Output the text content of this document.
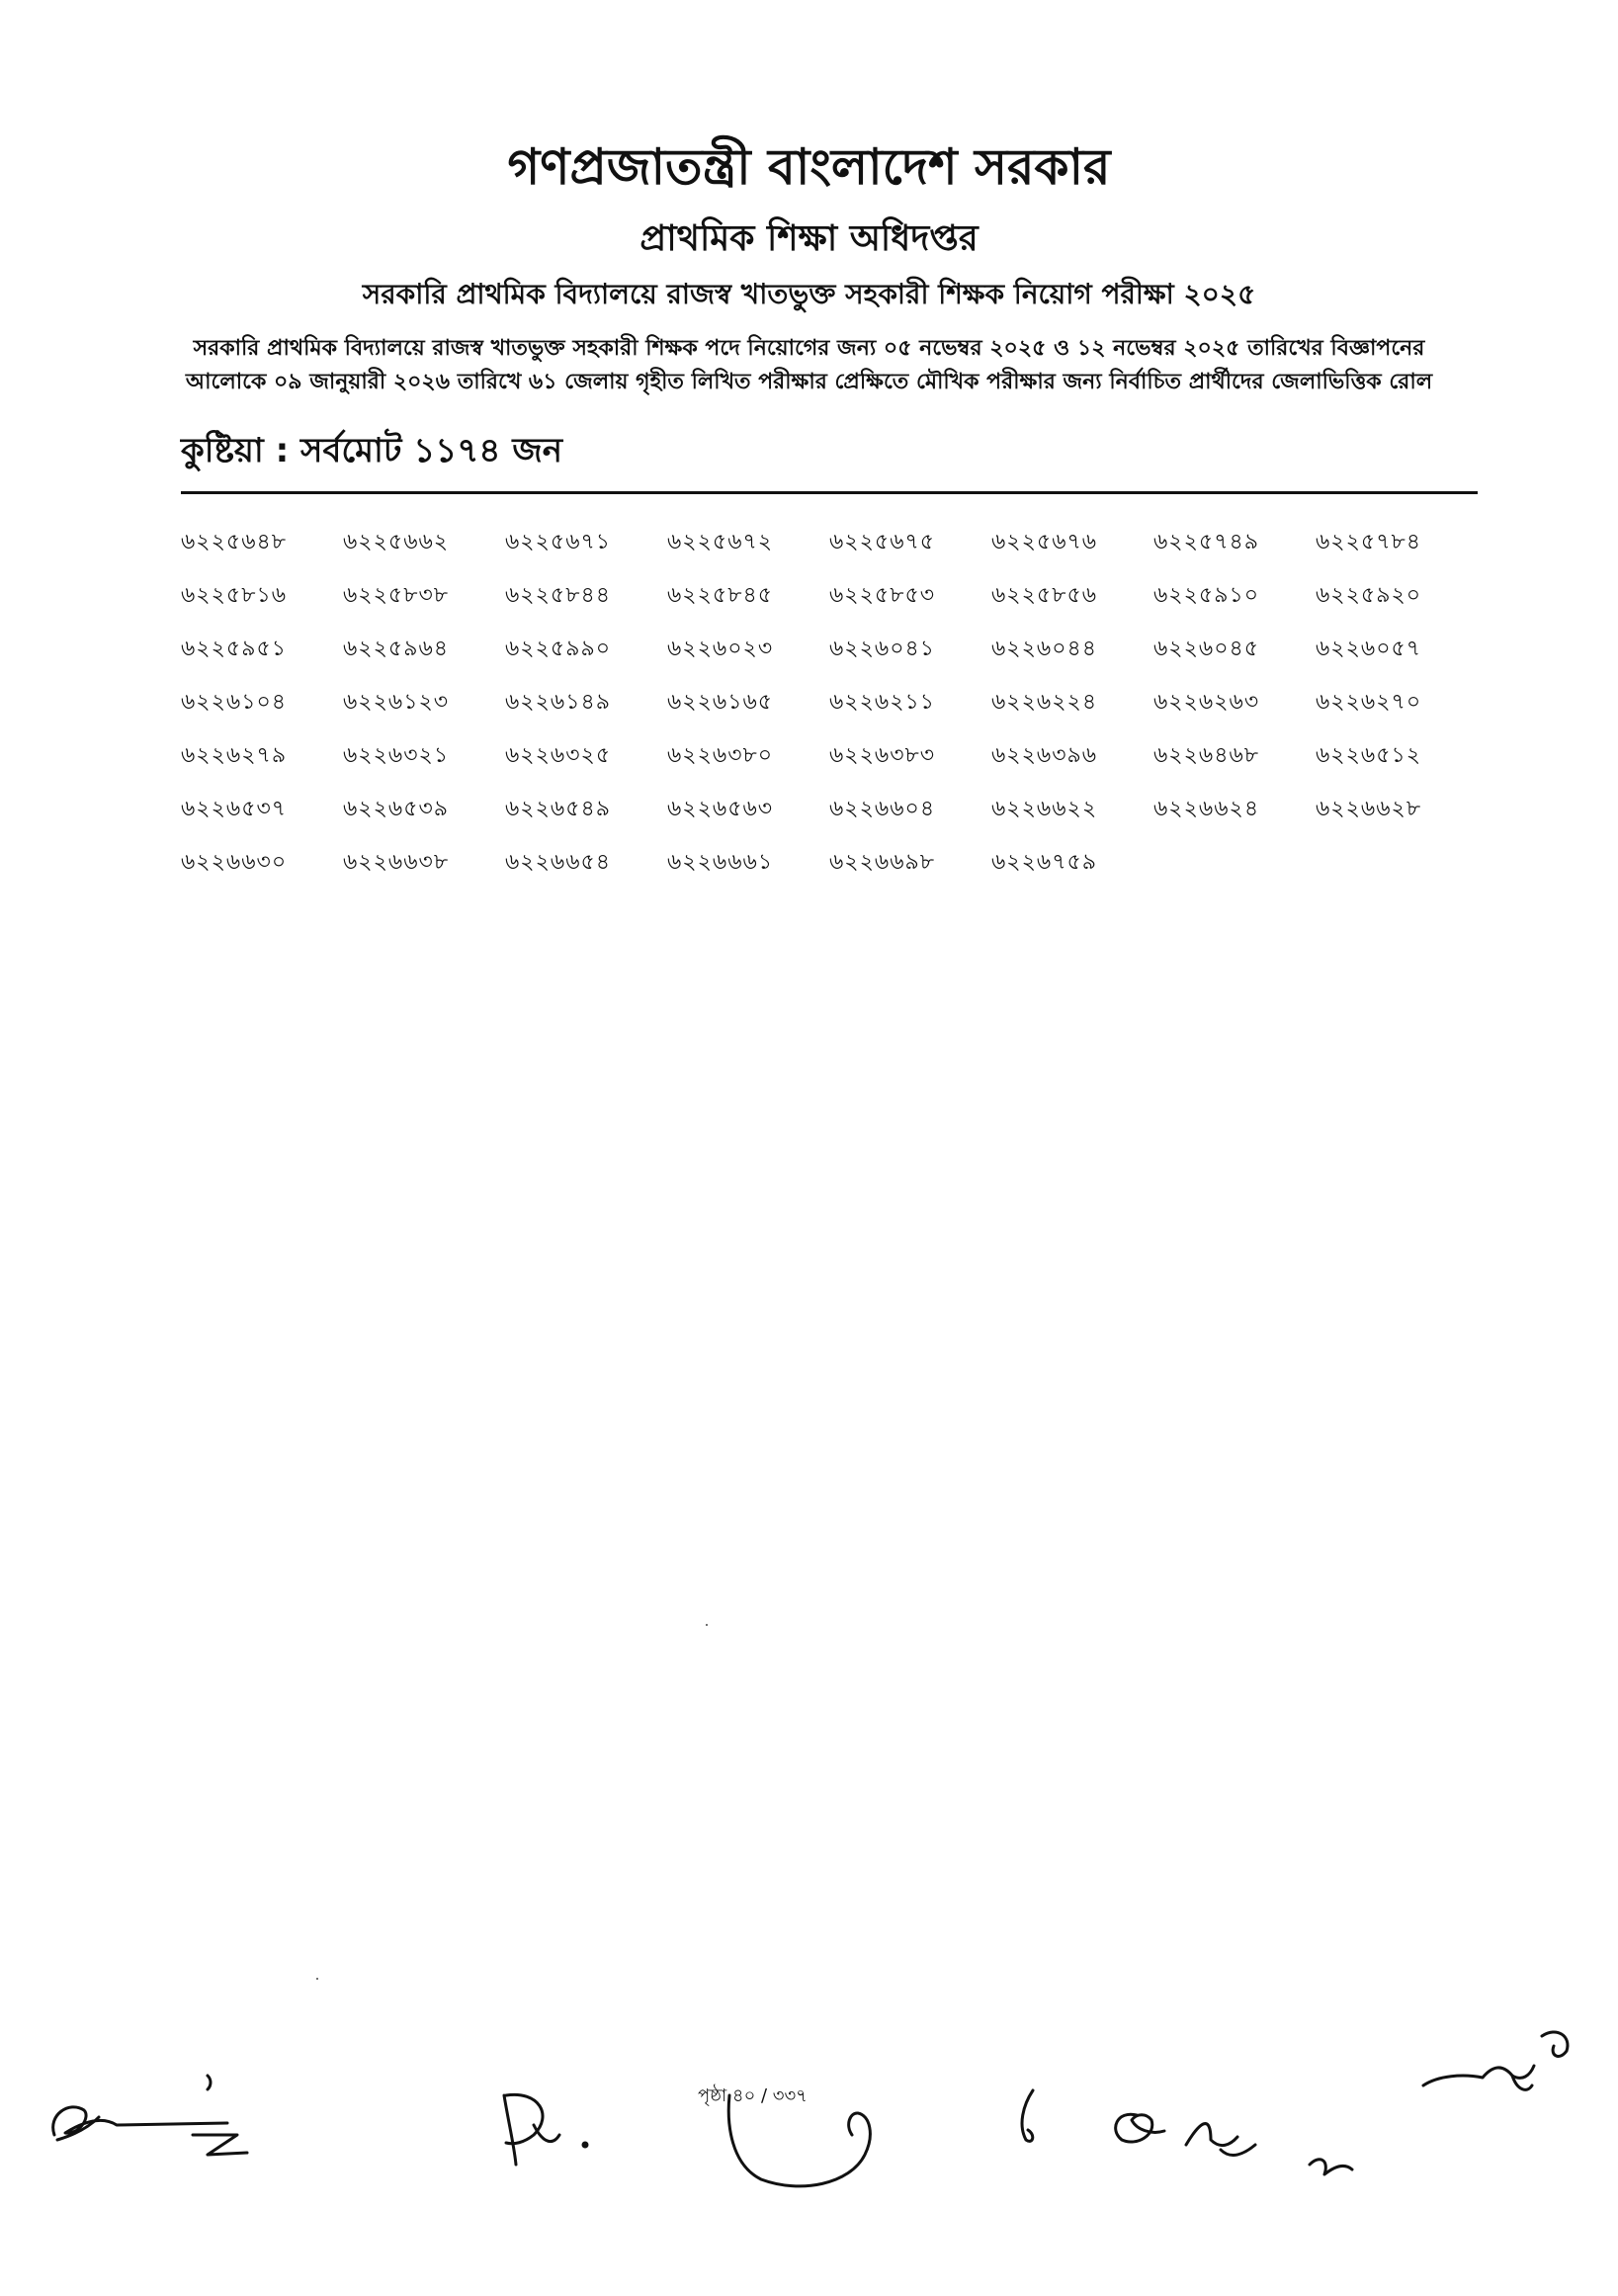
গণপ্রজাতন্ত্রী বাংলাদেশ সরকার
প্রাথমিক শিক্ষা অধিদপ্তর
সরকারি প্রাথমিক বিদ্যালয়ে রাজস্ব খাতভুক্ত সহকারী শিক্ষক নিয়োগ পরীক্ষা ২০২৫
সরকারি প্রাথমিক বিদ্যালয়ে রাজস্ব খাতভুক্ত সহকারী শিক্ষক পদে নিয়োগের জন্য ০৫ নভেম্বর ২০২৫ ও ১২ নভেম্বর ২০২৫ তারিখের বিজ্ঞাপনের
আলোকে ০৯ জানুয়ারী ২০২৬ তারিখে ৬১ জেলায় গৃহীত লিখিত পরীক্ষার প্রেক্ষিতে মৌখিক পরীক্ষার জন্য নির্বাচিত প্রার্থীদের জেলাভিত্তিক রোল
কুষ্টিয়া : সর্বমোট ১১৭৪ জন
৬২২৫৬৪৮	৬২২৫৬৬২	৬২২৫৬৭১	৬২২৫৬৭২	৬২২৫৬৭৫	৬২২৫৬৭৬	৬২২৫৭৪৯	৬২২৫৭৮৪
৬২২৫৮১৬	৬২২৫৮৩৮	৬২২৫৮৪৪	৬২২৫৮৪৫	৬২২৫৮৫৩	৬২২৫৮৫৬	৬২২৫৯১০	৬২২৫৯২০
৬২২৫৯৫১	৬২২৫৯৬৪	৬২২৫৯৯০	৬২২৬০২৩	৬২২৬০৪১	৬২২৬০৪৪	৬২২৬০৪৫	৬২২৬০৫৭
৬২২৬১০৪	৬২২৬১২৩	৬২২৬১৪৯	৬২২৬১৬৫	৬২২৬২১১	৬২২৬২২৪	৬২২৬২৬৩	৬২২৬২৭০
৬২২৬২৭৯	৬২২৬৩২১	৬২২৬৩২৫	৬২২৬৩৮০	৬২২৬৩৮৩	৬২২৬৩৯৬	৬২২৬৪৬৮	৬২২৬৫১২
৬২২৬৫৩৭	৬২২৬৫৩৯	৬২২৬৫৪৯	৬২২৬৫৬৩	৬২২৬৬০৪	৬২২৬৬২২	৬২২৬৬২৪	৬২২৬৬২৮
৬২২৬৬৩০	৬২২৬৬৩৮	৬২২৬৬৫৪	৬২২৬৬৬১	৬২২৬৬৯৮	৬২২৬৭৫৯
পৃষ্ঠা ৪০ / ৩৩৭
